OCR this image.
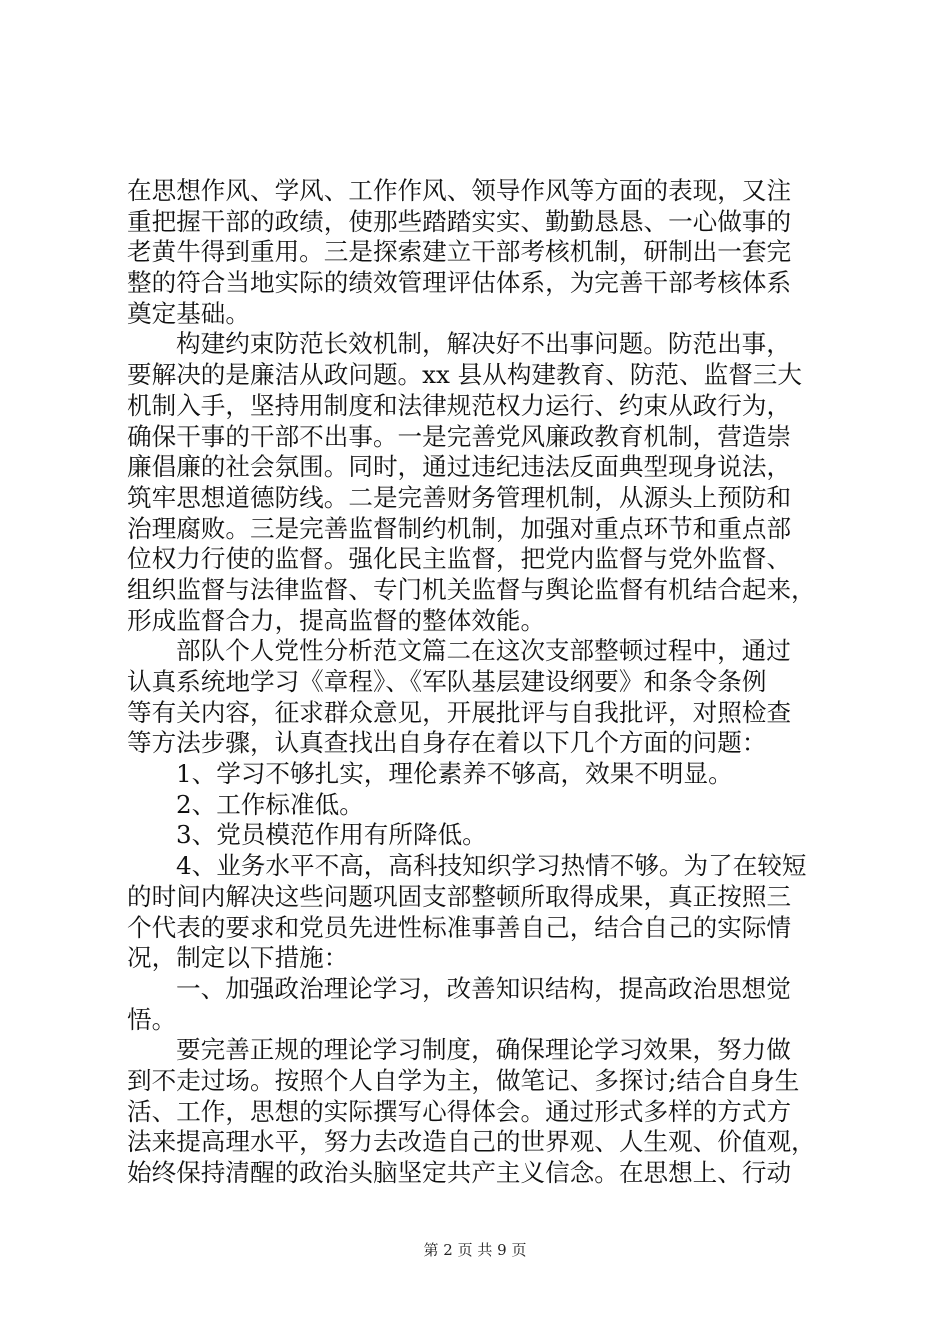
在思想作风、学风、工作作风、领导作风等方面的表现，又注
重把握干部的政绩，使那些踏踏实实、勤勤恳恳、一心做事的
老黄牛得到重用。三是探索建立干部考核机制，研制出一套完
整的符合当地实际的绩效管理评估体系，为完善干部考核体系
奠定基础。
构建约束防范长效机制，解决好不出事问题。防范出事，
要解决的是廉洁从政问题。xx 县从构建教育、防范、监督三大
机制入手，坚持用制度和法律规范权力运行、约束从政行为，
确保干事的干部不出事。一是完善党风廉政教育机制，营造崇
廉倡廉的社会氛围。同时，通过违纪违法反面典型现身说法，
筑牢思想道德防线。二是完善财务管理机制，从源头上预防和
治理腐败。三是完善监督制约机制，加强对重点环节和重点部
位权力行使的监督。强化民主监督，把党内监督与党外监督、
组织监督与法律监督、专门机关监督与舆论监督有机结合起来，
形成监督合力，提高监督的整体效能。
部队个人党性分析范文篇二在这次支部整顿过程中，通过
认真系统地学习《章程》、《军队基层建设纲要》和条令条例
等有关内容，征求群众意见，开展批评与自我批评，对照检查
等方法步骤，认真查找出自身存在着以下几个方面的问题：
1、学习不够扎实，理伦素养不够高，效果不明显。
2、工作标准低。
3、党员模范作用有所降低。
4、业务水平不高，高科技知织学习热情不够。为了在较短
的时间内解决这些问题巩固支部整顿所取得成果，真正按照三
个代表的要求和党员先进性标准事善自己，结合自己的实际情
况，制定以下措施：
一、加强政治理论学习，改善知识结构，提高政治思想觉
悟。
要完善正规的理论学习制度，确保理论学习效果，努力做
到不走过场。按照个人自学为主，做笔记、多探讨;结合自身生
活、工作，思想的实际撰写心得体会。通过形式多样的方式方
法来提高理水平，努力去改造自己的世界观、人生观、价值观，
始终保持清醒的政治头脑坚定共产主义信念。在思想上、行动
第 2 页 共 9 页
